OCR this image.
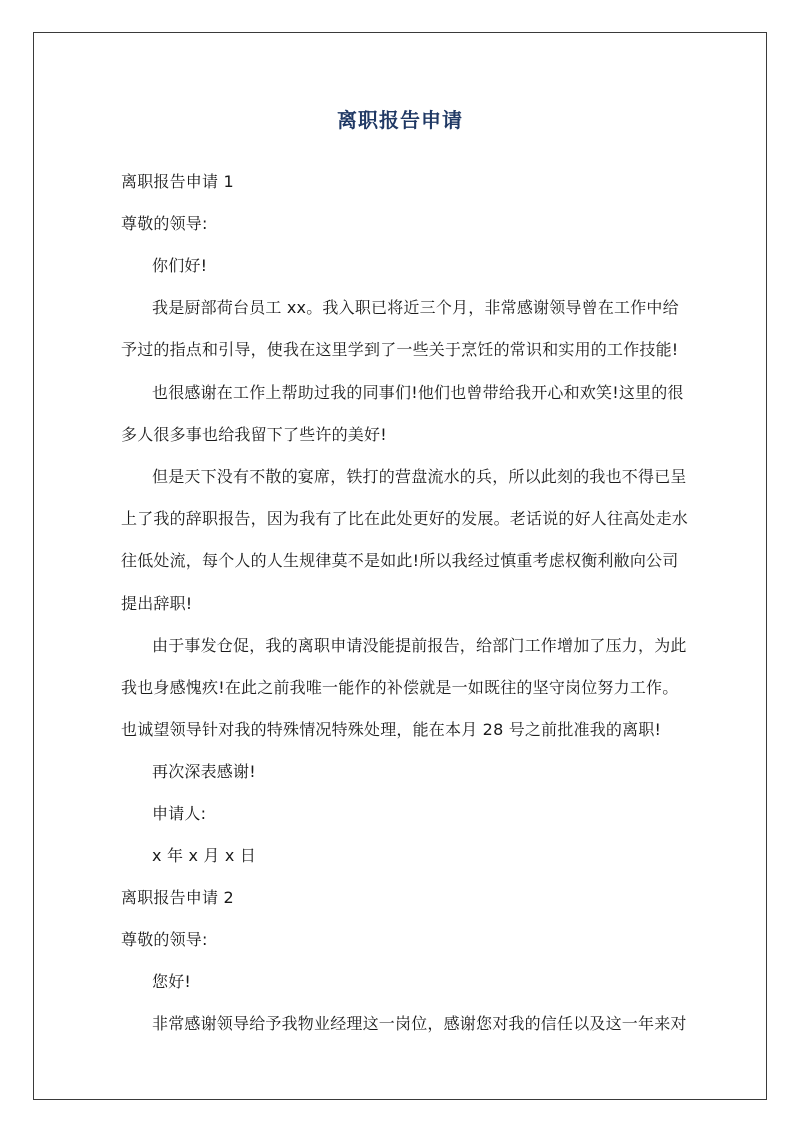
离职报告申请
离职报告申请 1
尊敬的领导:
你们好!
我是厨部荷台员工 xx。我入职已将近三个月，非常感谢领导曾在工作中给
予过的指点和引导，使我在这里学到了一些关于烹饪的常识和实用的工作技能!
也很感谢在工作上帮助过我的同事们!他们也曾带给我开心和欢笑!这里的很
多人很多事也给我留下了些许的美好!
但是天下没有不散的宴席，铁打的营盘流水的兵，所以此刻的我也不得已呈
上了我的辞职报告，因为我有了比在此处更好的发展。老话说的好人往高处走水
往低处流，每个人的人生规律莫不是如此!所以我经过慎重考虑权衡利敝向公司
提出辞职!
由于事发仓促，我的离职申请没能提前报告，给部门工作增加了压力，为此
我也身感愧疚!在此之前我唯一能作的补偿就是一如既往的坚守岗位努力工作。
也诚望领导针对我的特殊情况特殊处理，能在本月 28 号之前批准我的离职!
再次深表感谢!
申请人:
x 年 x 月 x 日
离职报告申请 2
尊敬的领导:
您好!
非常感谢领导给予我物业经理这一岗位，感谢您对我的信任以及这一年来对
